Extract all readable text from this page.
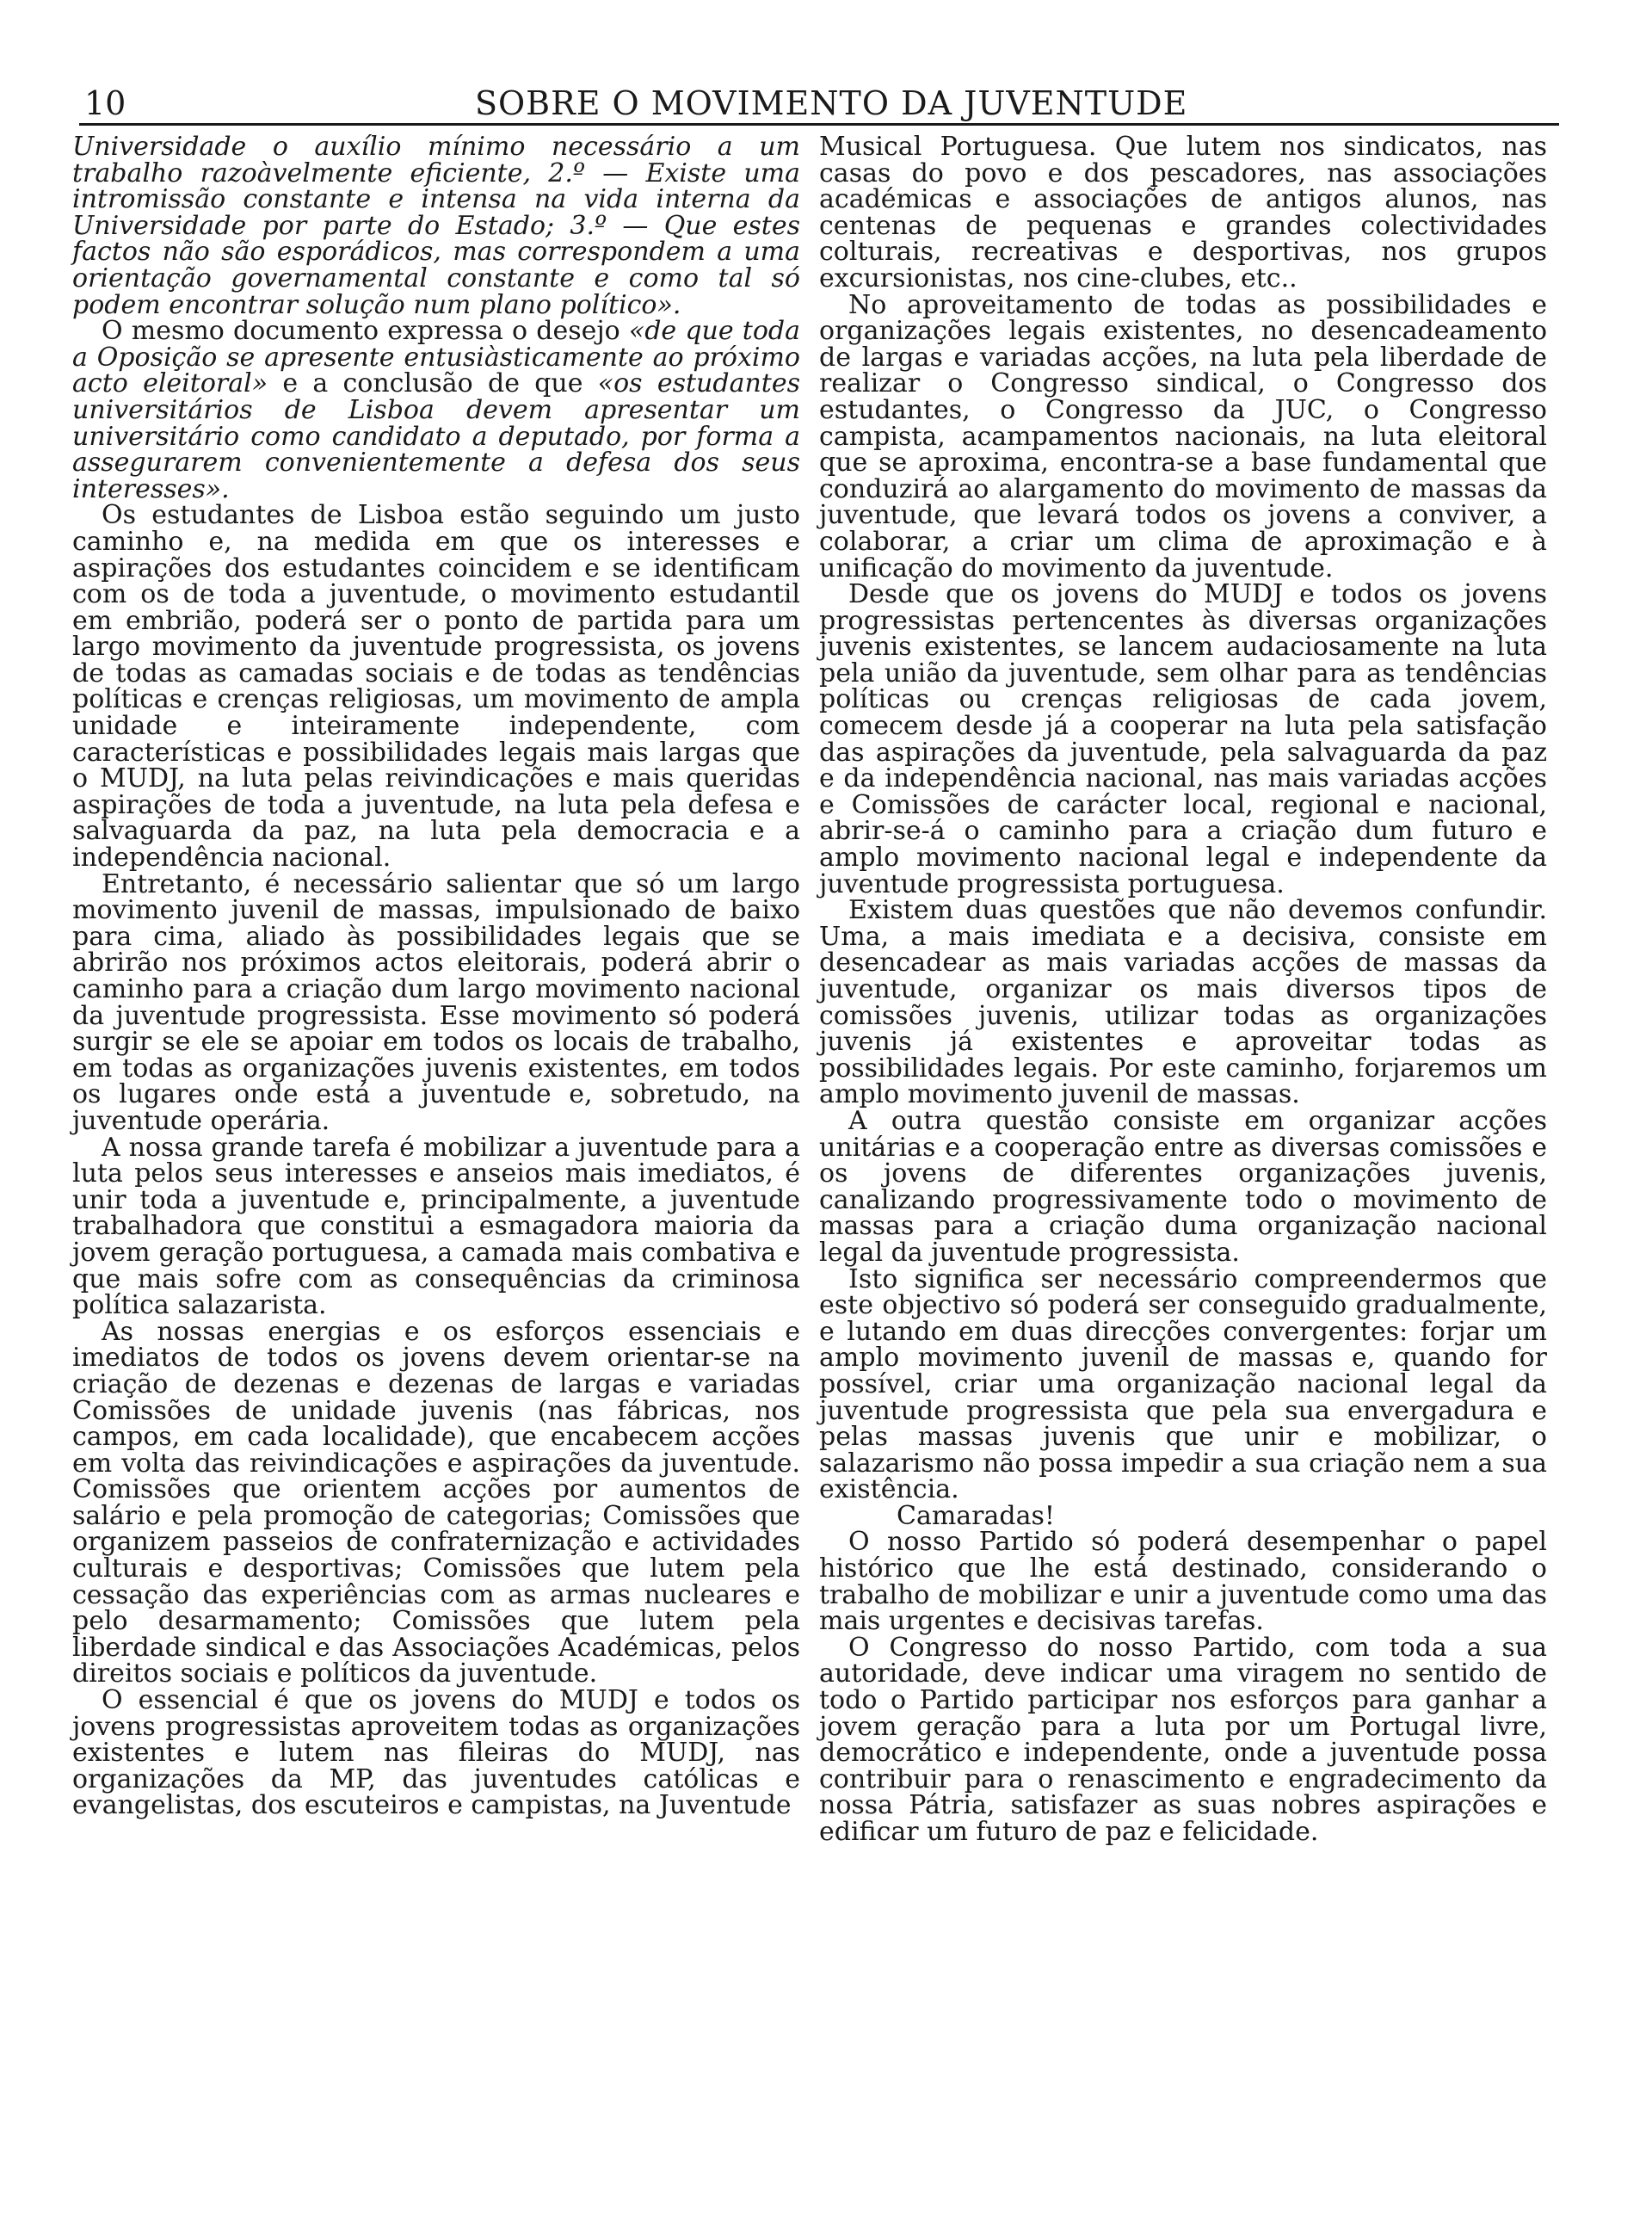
10	SOBRE O MOVIMENTO DA JUVENTUDE

Universidade o auxílio mínimo necessário a um trabalho razoàvelmente eficiente, 2.º — Existe uma intromissão constante e intensa na vida interna da Universidade por parte do Estado; 3.º — Que estes factos não são esporádicos, mas correspondem a uma orientação governamental constante e como tal só podem encontrar solução num plano político».

O mesmo documento expressa o desejo «de que toda a Oposição se apresente entusiàsticamente ao próximo acto eleitoral» e a conclusão de que «os estudantes universitários de Lisboa devem apresentar um universitário como candidato a deputado, por forma a assegurarem convenientemente a defesa dos seus interesses».

Os estudantes de Lisboa estão seguindo um justo caminho e, na medida em que os interesses e aspirações dos estudantes coincidem e se identificam com os de toda a juventude, o movimento estudantil em embrião, poderá ser o ponto de partida para um largo movimento da juventude progressista, os jovens de todas as camadas sociais e de todas as tendências políticas e crenças religiosas, um movimento de ampla unidade e inteiramente independente, com características e possibilidades legais mais largas que o MUDJ, na luta pelas reivindicações e mais queridas aspirações de toda a juventude, na luta pela defesa e salvaguarda da paz, na luta pela democracia e a independência nacional.

Entretanto, é necessário salientar que só um largo movimento juvenil de massas, impulsionado de baixo para cima, aliado às possibilidades legais que se abrirão nos próximos actos eleitorais, poderá abrir o caminho para a criação dum largo movimento nacional da juventude progressista. Esse movimento só poderá surgir se ele se apoiar em todos os locais de trabalho, em todas as organizações juvenis existentes, em todos os lugares onde está a juventude e, sobretudo, na juventude operária.

A nossa grande tarefa é mobilizar a juventude para a luta pelos seus interesses e anseios mais imediatos, é unir toda a juventude e, principalmente, a juventude trabalhadora que constitui a esmagadora maioria da jovem geração portuguesa, a camada mais combativa e que mais sofre com as consequências da criminosa política salazarista.

As nossas energias e os esforços essenciais e imediatos de todos os jovens devem orientar-se na criação de dezenas e dezenas de largas e variadas Comissões de unidade juvenis (nas fábricas, nos campos, em cada localidade), que encabecem acções em volta das reivindicações e aspirações da juventude. Comissões que orientem acções por aumentos de salário e pela promoção de categorias; Comissões que organizem passeios de confraternização e actividades culturais e desportivas; Comissões que lutem pela cessação das experiências com as armas nucleares e pelo desarmamento; Comissões que lutem pela liberdade sindical e das Associações Académicas, pelos direitos sociais e políticos da juventude.

O essencial é que os jovens do MUDJ e todos os jovens progressistas aproveitem todas as organizações existentes e lutem nas fileiras do MUDJ, nas organizações da MP, das juventudes católicas e evangelistas, dos escuteiros e campistas, na Juventude

Musical Portuguesa. Que lutem nos sindicatos, nas casas do povo e dos pescadores, nas associações académicas e associações de antigos alunos, nas centenas de pequenas e grandes colectividades colturais, recreativas e desportivas, nos grupos excursionistas, nos cine-clubes, etc..

No aproveitamento de todas as possibilidades e organizações legais existentes, no desencadeamento de largas e variadas acções, na luta pela liberdade de realizar o Congresso sindical, o Congresso dos estudantes, o Congresso da JUC, o Congresso campista, acampamentos nacionais, na luta eleitoral que se aproxima, encontra-se a base fundamental que conduzirá ao alargamento do movimento de massas da juventude, que levará todos os jovens a conviver, a colaborar, a criar um clima de aproximação e à unificação do movimento da juventude.

Desde que os jovens do MUDJ e todos os jovens progressistas pertencentes às diversas organizações juvenis existentes, se lancem audaciosamente na luta pela união da juventude, sem olhar para as tendências políticas ou crenças religiosas de cada jovem, comecem desde já a cooperar na luta pela satisfação das aspirações da juventude, pela salvaguarda da paz e da independência nacional, nas mais variadas acções e Comissões de carácter local, regional e nacional, abrir-se-á o caminho para a criação dum futuro e amplo movimento nacional legal e independente da juventude progressista portuguesa.

Existem duas questões que não devemos confundir. Uma, a mais imediata e a decisiva, consiste em desencadear as mais variadas acções de massas da juventude, organizar os mais diversos tipos de comissões juvenis, utilizar todas as organizações juvenis já existentes e aproveitar todas as possibilidades legais. Por este caminho, forjaremos um amplo movimento juvenil de massas.

A outra questão consiste em organizar acções unitárias e a cooperação entre as diversas comissões e os jovens de diferentes organizações juvenis, canalizando progressivamente todo o movimento de massas para a criação duma organização nacional legal da juventude progressista.

Isto significa ser necessário compreendermos que este objectivo só poderá ser conseguido gradualmente, e lutando em duas direcções convergentes: forjar um amplo movimento juvenil de massas e, quando for possível, criar uma organização nacional legal da juventude progressista que pela sua envergadura e pelas massas juvenis que unir e mobilizar, o salazarismo não possa impedir a sua criação nem a sua existência.

Camaradas!

O nosso Partido só poderá desempenhar o papel histórico que lhe está destinado, considerando o trabalho de mobilizar e unir a juventude como uma das mais urgentes e decisivas tarefas.

O Congresso do nosso Partido, com toda a sua autoridade, deve indicar uma viragem no sentido de todo o Partido participar nos esforços para ganhar a jovem geração para a luta por um Portugal livre, democrático e independente, onde a juventude possa contribuir para o renascimento e engradecimento da nossa Pátria, satisfazer as suas nobres aspirações e edificar um futuro de paz e felicidade.
